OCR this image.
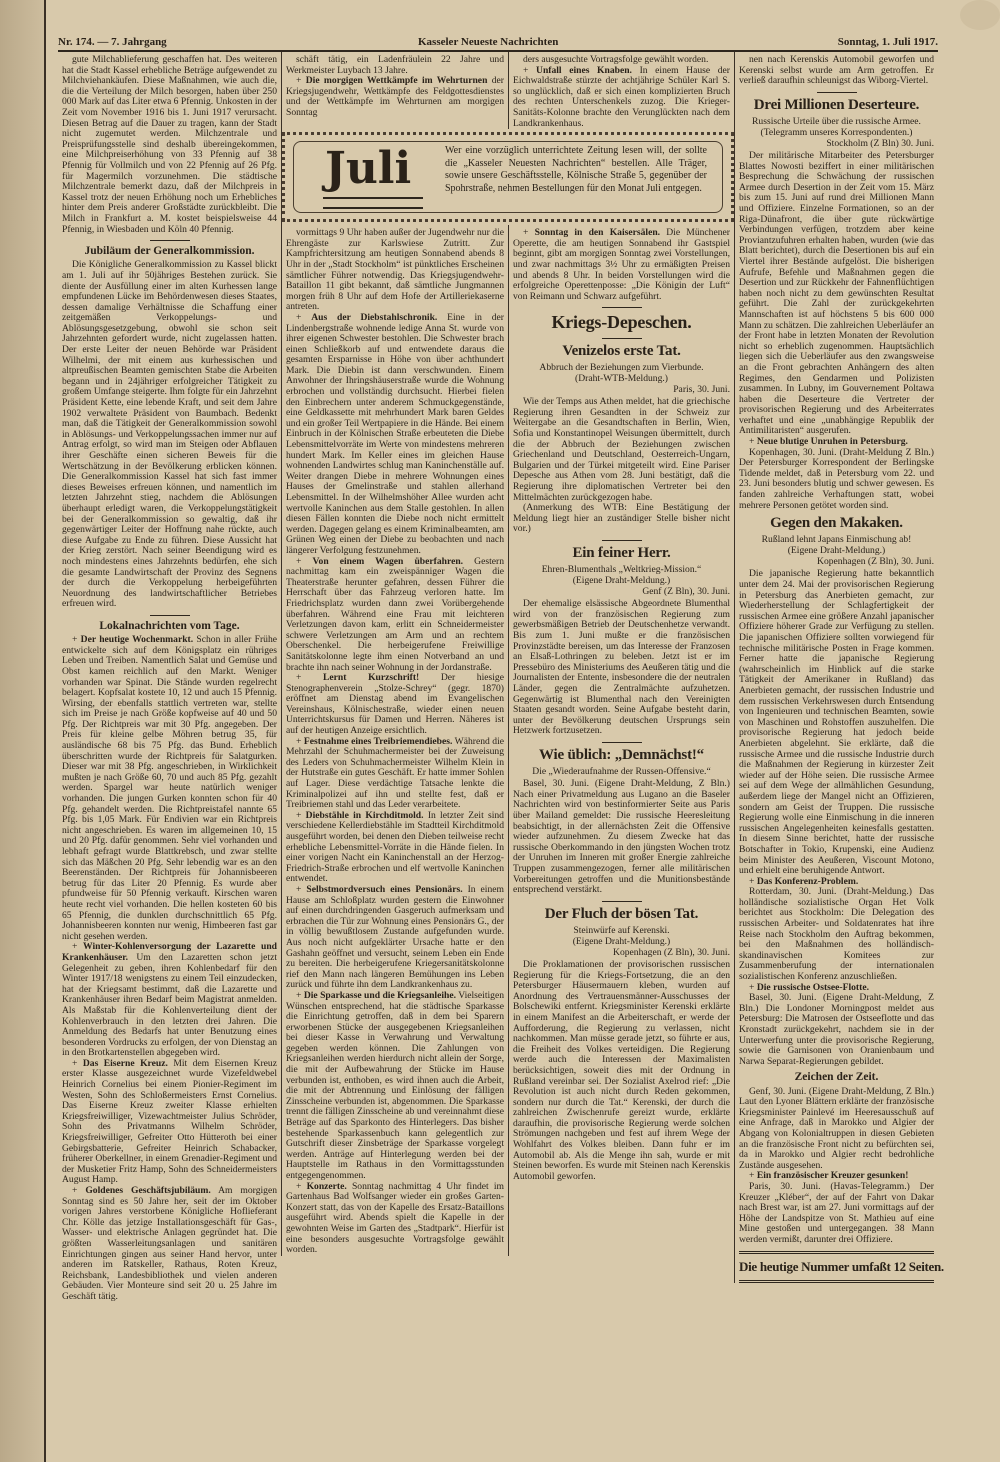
Nr. 174. — 7. Jahrgang	Kasseler Neueste Nachrichten	Sonntag, 1. Juli 1917.

gute Milchablieferung geschaffen hat. Des weiteren hat die Stadt Kassel erhebliche Beträge aufgewendet zu Milchviehankäufen. Diese Maßnahmen, wie auch die, die die Verteilung der Milch besorgen, haben über 250 000 Mark auf das Liter etwa 6 Pfennig. Unkosten in der Zeit vom November 1916 bis 1. Juni 1917 verursacht. Diesen Betrag auf die Dauer zu tragen, kann der Stadt nicht zugemutet werden. Milchzentrale und Preisprüfungsstelle sind deshalb übereingekommen, eine Milchpreiserhöhung von 33 Pfennig auf 38 Pfennig für Vollmilch und von 22 Pfennig auf 26 Pfg. für Magermilch vorzunehmen. Die städtische Milchzentrale bemerkt dazu, daß der Milchpreis in Kassel trotz der neuen Erhöhung noch um Erhebliches hinter dem Preis anderer Großstädte zurückbleibt. Die Milch in Frankfurt a. M. kostet beispielsweise 44 Pfennig, in Wiesbaden und Köln 40 Pfennig.

Jubiläum der Generalkommission.

Die Königliche Generalkommission zu Kassel blickt am 1. Juli auf ihr 50jähriges Bestehen zurück. Sie diente der Ausfüllung einer im alten Kurhessen lange empfundenen Lücke im Behördenwesen dieses Staates, dessen damalige Verhältnisse die Schaffung einer zeitgemäßen Verkoppelungs- und Ablösungsgesetzgebung, obwohl sie schon seit Jahrzehnten gefordert wurde, nicht zugelassen hatten. Der erste Leiter der neuen Behörde war Präsident Wilhelmi, der mit einem aus kurhessischen und altpreußischen Beamten gemischten Stabe die Arbeiten begann und in 24jähriger erfolgreicher Tätigkeit zu großem Umfange steigerte. Ihm folgte für ein Jahrzehnt Präsident Kette, eine lebende Kraft, und seit dem Jahre 1902 verwaltete Präsident von Baumbach. Bedenkt man, daß die Tätigkeit der Generalkommission sowohl in Ablösungs- und Verkoppelungssachen immer nur auf Antrag erfolgt, so wird man im Steigen oder Abflauen ihrer Geschäfte einen sicheren Beweis für die Wertschätzung in der Bevölkerung erblicken können. Die Generalkommission Kassel hat sich fast immer dieses Beweises erfreuen können, und namentlich im letzten Jahrzehnt stieg, nachdem die Ablösungen überhaupt erledigt waren, die Verkoppelungstätigkeit bei der Generalkommission so gewaltig, daß ihr gegenwärtiger Leiter der Hoffnung nahe rückte, auch diese Aufgabe zu Ende zu führen. Diese Aussicht hat der Krieg zerstört. Nach seiner Beendigung wird es noch mindestens eines Jahrzehnts bedürfen, ehe sich die gesamte Landwirtschaft der Provinz des Segnens der durch die Verkoppelung herbeigeführten Neuordnung des landwirtschaftlicher Betriebes erfreuen wird.

Lokalnachrichten vom Tage.

+ Der heutige Wochenmarkt. Schon in aller Frühe entwickelte sich auf dem Königsplatz ein rühriges Leben und Treiben. Namentlich Salat und Gemüse und Obst kamen reichlich auf den Markt. Weniger vorhanden war Spinat. Die Stände wurden regelrecht belagert. Kopfsalat kostete 10, 12 und auch 15 Pfennig. Wirsing, der ebenfalls stattlich vertreten war, stellte sich im Preise je nach Größe kopfweise auf 40 und 50 Pfg. Der Richtpreis war mit 30 Pfg. angegeben. Der Preis für kleine gelbe Möhren betrug 35, für ausländische 68 bis 75 Pfg. das Bund. Erheblich überschritten wurde der Richtpreis für Salatgurken. Dieser war mit 38 Pfg. angeschrieben, in Wirklichkeit mußten je nach Größe 60, 70 und auch 85 Pfg. gezahlt werden. Spargel war heute natürlich weniger vorhanden. Die jungen Gurken konnten schon für 40 Pfg. gehandelt werden. Die Richtpreistafel nannte 65 Pfg. bis 1,05 Mark. Für Endivien war ein Richtpreis nicht angeschrieben. Es waren im allgemeinen 10, 15 und 20 Pfg. dafür genommen. Sehr viel vorhanden und lebhaft gefragt wurde Blattkrebsch, und zwar stellte sich das Mäßchen 20 Pfg. Sehr lebendig war es an den Beerenständen. Der Richtpreis für Johannisbeeren betrug für das Liter 20 Pfennig. Es wurde aber pfundweise für 50 Pfennig verkauft. Kirschen waren heute recht viel vorhanden. Die hellen kosteten 60 bis 65 Pfennig, die dunklen durchschnittlich 65 Pfg. Johannisbeeren konnten nur wenig, Himbeeren fast gar nicht gesehen werden.

+ Winter-Kohlenversorgung der Lazarette und Krankenhäuser. Um den Lazaretten schon jetzt Gelegenheit zu geben, ihren Kohlenbedarf für den Winter 1917/18 wenigstens zu einem Teil einzudecken, hat der Kriegsamt bestimmt, daß die Lazarette und Krankenhäuser ihren Bedarf beim Magistrat anmelden. Als Maßstab für die Kohlenverteilung dient der Kohlenverbrauch in den letzten drei Jahren. Die Anmeldung des Bedarfs hat unter Benutzung eines besonderen Vordrucks zu erfolgen, der von Dienstag an in den Brotkartenstellen abgegeben wird.

+ Das Eiserne Kreuz. Mit dem Eisernen Kreuz erster Klasse ausgezeichnet wurde Vizefeldwebel Heinrich Cornelius bei einem Pionier-Regiment im Westen, Sohn des Schloßermeisters Ernst Cornelius. Das Eiserne Kreuz zweiter Klasse erhielten Kriegsfreiwilliger, Vizewachtmeister Julius Schröder, Sohn des Privatmanns Wilhelm Schröder, Kriegsfreiwilliger, Gefreiter Otto Hütteroth bei einer Gebirgsbatterie, Gefreiter Heinrich Schabacker, früherer Oberkellner, in einem Grenadier-Regiment und der Musketier Fritz Hamp, Sohn des Schneidermeisters August Hamp.

+ Goldenes Geschäftsjubiläum. Am morgigen Sonntag sind es 50 Jahre her, seit der im Oktober vorigen Jahres verstorbene Königliche Hoflieferant Chr. Kölle das jetzige Installationsgeschäft für Gas-, Wasser- und elektrische Anlagen gegründet hat. Die größten Wasserleitungsanlagen und sanitären Einrichtungen gingen aus seiner Hand hervor, unter anderen im Ratskeller, Rathaus, Roten Kreuz, Reichsbank, Landesbibliothek und vielen anderen Gebäuden. Vier Monteure sind seit 20 u. 25 Jahre im Geschäft tätig.

schäft tätig, ein Ladenfräulein 22 Jahre und Werkmeister Luybach 13 Jahre.

+ Die morgigen Wettkämpfe im Wehrturnen der Kriegsjugendwehr, Wettkämpfe des Feldgottesdienstes und der Wettkämpfe im Wehrturnen am morgigen Sonntag

ders ausgesuchte Vortragsfolge gewählt worden.

+ Unfall eines Knaben. In einem Hause der Eichwaldstraße stürzte der achtjährige Schüler Karl S. so unglücklich, daß er sich einen komplizierten Bruch des rechten Unterschenkels zuzog. Die Krieger-Sanitäts-Kolonne brachte den Verunglückten nach dem Landkrankenhaus.

Juli	Wer eine vorzüglich unterrichtete Zeitung lesen will, der sollte die „Kasseler Neuesten Nachrichten“ bestellen. Alle Träger, sowie unsere Geschäftsstelle, Kölnische Straße 5, gegenüber der Spohrstraße, nehmen Bestellungen für den Monat Juli entgegen.

vormittags 9 Uhr haben außer der Jugendwehr nur die Ehrengäste zur Karlswiese Zutritt. Zur Kampfrichtersitzung am heutigen Sonnabend abends 8 Uhr in der „Stadt Stockholm“ ist pünktliches Erscheinen sämtlicher Führer notwendig. Das Kriegsjugendwehr-Bataillon 11 gibt bekannt, daß sämtliche Jungmannen morgen früh 8 Uhr auf dem Hofe der Artilleriekaserne antreten.

+ Aus der Diebstahlschronik. Eine in der Lindenbergstraße wohnende ledige Anna St. wurde von ihrer eigenen Schwester bestohlen. Die Schwester brach einen Schließkorb auf und entwendete daraus die gesamten Ersparnisse in Höhe von über achthundert Mark. Die Diebin ist dann verschwunden. Einem Anwohner der Ihringshäuserstraße wurde die Wohnung erbrochen und vollständig durchsucht. Hierbei fielen den Einbrechern unter anderem Schmuckgegenstände, eine Geldkassette mit mehrhundert Mark baren Geldes und ein großer Teil Wertpapiere in die Hände. Bei einem Einbruch in der Kölnischen Straße erbeuteten die Diebe Lebensmittelvorräte im Werte von mindestens mehreren hundert Mark. Im Keller eines im gleichen Hause wohnenden Landwirtes schlug man Kaninchenställe auf. Weiter drangen Diebe in mehrere Wohnungen eines Hauses der Gmelinstraße und stahlen allerhand Lebensmittel. In der Wilhelmshöher Allee wurden acht wertvolle Kaninchen aus dem Stalle gestohlen. In allen diesen Fällen konnten die Diebe noch nicht ermittelt werden. Dagegen gelang es einem Kriminalbeamten, am Grünen Weg einen der Diebe zu beobachten und nach längerer Verfolgung festzunehmen.

+ Von einem Wagen überfahren. Gestern nachmittag kam ein zweispänniger Wagen die Theaterstraße herunter gefahren, dessen Führer die Herrschaft über das Fahrzeug verloren hatte. Im Friedrichsplatz wurden dann zwei Vorübergehende überfahren. Während eine Frau mit leichteren Verletzungen davon kam, erlitt ein Schneidermeister schwere Verletzungen am Arm und an rechtem Oberschenkel. Die herbeigerufene Freiwillige Sanitätskolonne legte ihm einen Notverband an und brachte ihn nach seiner Wohnung in der Jordanstraße.

+ Lernt Kurzschrift! Der hiesige Stenographenverein „Stolze-Schrey“ (gegr. 1870) eröffnet am Dienstag abend im Evangelischen Vereinshaus, Kölnischestraße, wieder einen neuen Unterrichtskursus für Damen und Herren. Näheres ist auf der heutigen Anzeige ersichtlich.

+ Festnahme eines Treibriemendiebes. Während die Mehrzahl der Schuhmachermeister bei der Zuweisung des Leders von Schuhmachermeister Wilhelm Klein in der Hutstraße ein gutes Geschäft. Er hatte immer Sohlen auf Lager. Diese verdächtige Tatsache lenkte die Kriminalpolizei auf ihn und stellte fest, daß er Treibriemen stahl und das Leder verarbeitete.

+ Diebstähle in Kirchditmold. In letzter Zeit sind verschiedene Kellerdiebstähle im Stadtteil Kirchditmold ausgeführt worden, bei denen den Dieben teilweise recht erhebliche Lebensmittel-Vorräte in die Hände fielen. In einer vorigen Nacht ein Kaninchenstall an der Herzog-Friedrich-Straße erbrochen und elf wertvolle Kaninchen entwendet.

+ Selbstmordversuch eines Pensionärs. In einem Hause am Schloßplatz wurden gestern die Einwohner auf einen durchdringenden Gasgeruch aufmerksam und erbrachen die Tür zur Wohnung eines Pensionärs G., der in völlig bewußtlosem Zustande aufgefunden wurde. Aus noch nicht aufgeklärter Ursache hatte er den Gashahn geöffnet und versucht, seinem Leben ein Ende zu bereiten. Die herbeigerufene Kriegersanitätskolonne rief den Mann nach längeren Bemühungen ins Leben zurück und führte ihn dem Landkrankenhaus zu.

+ Die Sparkasse und die Kriegsanleihe. Vielseitigen Wünschen entsprechend, hat die städtische Sparkasse die Einrichtung getroffen, daß in dem bei Sparern erworbenen Stücke der ausgegebenen Kriegsanleihen bei dieser Kasse in Verwahrung und Verwaltung gegeben werden können. Die Zahlungen von Kriegsanleihen werden hierdurch nicht allein der Sorge, die mit der Aufbewahrung der Stücke im Hause verbunden ist, enthoben, es wird ihnen auch die Arbeit, die mit der Abtrennung und Einlösung der fälligen Zinsscheine verbunden ist, abgenommen. Die Sparkasse trennt die fälligen Zinsscheine ab und vereinnahmt diese Beträge auf das Sparkonto des Hinterlegers. Das bisher bestehende Sparkassenbuch kann gelegentlich zur Gutschrift dieser Zinsbeträge der Sparkasse vorgelegt werden. Anträge auf Hinterlegung werden bei der Hauptstelle im Rathaus in den Vormittagsstunden entgegengenommen.

+ Konzerte. Sonntag nachmittag 4 Uhr findet im Gartenhaus Bad Wolfsanger wieder ein großes Garten-Konzert statt, das von der Kapelle des Ersatz-Bataillons ausgeführt wird. Abends spielt die Kapelle in der gewohnten Weise im Garten des „Stadtpark“. Hierfür ist eine besonders ausgesuchte Vortragsfolge gewählt worden.

+ Sonntag in den Kaisersälen. Die Münchener Operette, die am heutigen Sonnabend ihr Gastspiel beginnt, gibt am morgigen Sonntag zwei Vorstellungen, und zwar nachmittags 3½ Uhr zu ermäßigten Preisen und abends 8 Uhr. In beiden Vorstellungen wird die erfolgreiche Operettenposse: „Die Königin der Luft“ von Reimann und Schwarz aufgeführt.

Kriegs-Depeschen.
Venizelos erste Tat.
Abbruch der Beziehungen zum Vierbunde.
(Draht-WTB-Meldung.)
Paris, 30. Juni.

Wie der Temps aus Athen meldet, hat die griechische Regierung ihren Gesandten in der Schweiz zur Weitergabe an die Gesandtschaften in Berlin, Wien, Sofia und Konstantinopel Weisungen übermittelt, durch die der Abbruch der Beziehungen zwischen Griechenland und Deutschland, Oesterreich-Ungarn, Bulgarien und der Türkei mitgeteilt wird. Eine Pariser Depesche aus Athen vom 28. Juni bestätigt, daß die Regierung ihre diplomatischen Vertreter bei den Mittelmächten zurückgezogen habe.

(Anmerkung des WTB: Eine Bestätigung der Meldung liegt hier an zuständiger Stelle bisher nicht vor.)

Ein feiner Herr.
Ehren-Blumenthals „Weltkrieg-Mission.“
(Eigene Draht-Meldung.)
Genf (Z Bln), 30. Juni.

Der ehemalige elsässische Abgeordnete Blumenthal wird von der französischen Regierung zum gewerbsmäßigen Betrieb der Deutschenhetze verwandt. Bis zum 1. Juni mußte er die französischen Provinzstädte bereisen, um das Interesse der Franzosen an Elsaß-Lothringen zu beleben. Jetzt ist er im Pressebüro des Ministeriums des Aeußeren tätig und die Journalisten der Entente, insbesondere die der neutralen Länder, gegen die Zentralmächte aufzuhetzen. Gegenwärtig ist Blumenthal nach den Vereinigten Staaten gesandt worden. Seine Aufgabe besteht darin, unter der Bevölkerung deutschen Ursprungs sein Hetzwerk fortzusetzen.

Wie üblich: „Demnächst!“
Die „Wiederaufnahme der Russen-Offensive.“

Basel, 30. Juni. (Eigene Draht-Meldung, Z Bln.) Nach einer Privatmeldung aus Lugano an die Baseler Nachrichten wird von bestinformierter Seite aus Paris über Mailand gemeldet: Die russische Heeresleitung beabsichtigt, in der allernächsten Zeit die Offensive wieder aufzunehmen. Zu diesem Zwecke hat das russische Oberkommando in den jüngsten Wochen trotz der Unruhen im Inneren mit großer Energie zahlreiche Truppen zusammengezogen, ferner alle militärischen Vorbereitungen getroffen und die Munitionsbestände entsprechend verstärkt.

Der Fluch der bösen Tat.
Steinwürfe auf Kerenski.
(Eigene Draht-Meldung.)
Kopenhagen (Z Bln), 30. Juni.

Die Proklamationen der provisorischen russischen Regierung für die Kriegs-Fortsetzung, die an den Petersburger Häusermauern kleben, wurden auf Anordnung des Vertrauensmänner-Ausschusses der Bolschewiki entfernt. Kriegsminister Kerenski erklärte in einem Manifest an die Arbeiterschaft, er werde der Aufforderung, die Regierung zu verlassen, nicht nachkommen. Man müsse gerade jetzt, so führte er aus, die Freiheit des Volkes verteidigen. Die Regierung werde auch die Interessen der Maximalisten berücksichtigen, soweit dies mit der Ordnung in Rußland vereinbar sei. Der Sozialist Axelrod rief: „Die Revolution ist auch nicht durch Reden gekommen, sondern nur durch die Tat.“ Kerenski, der durch die zahlreichen Zwischenrufe gereizt wurde, erklärte daraufhin, die provisorische Regierung werde solchen Strömungen nachgeben und fest auf ihrem Wege der Wohlfahrt des Volkes bleiben. Dann fuhr er im Automobil ab. Als die Menge ihn sah, wurde er mit Steinen beworfen. Es wurde mit Steinen nach Kerenskis Automobil geworfen.

nen nach Kerenskis Automobil geworfen und Kerenski selbst wurde am Arm getroffen. Er verließ daraufhin schleunigst das Wiborg-Viertel.

Drei Millionen Deserteure.
Russische Urteile über die russische Armee.
(Telegramm unseres Korrespondenten.)
Stockholm (Z Bln) 30. Juni.

Der militärische Mitarbeiter des Petersburger Blattes Nowosti beziffert in einer militärischen Besprechung die Schwächung der russischen Armee durch Desertion in der Zeit vom 15. März bis zum 15. Juni auf rund drei Millionen Mann und Offiziere. Einzelne Formationen, so an der Riga-Dünafront, die über gute rückwärtige Verbindungen verfügen, trotzdem aber keine Proviantzufuhren erhalten haben, wurden (wie das Blatt berichtet), durch die Desertionen bis auf ein Viertel ihrer Bestände aufgelöst. Die bisherigen Aufrufe, Befehle und Maßnahmen gegen die Desertion und zur Rückkehr der Fahnenflüchtigen haben noch nicht zu dem gewünschten Resultat geführt. Die Zahl der zurückgekehrten Mannschaften ist auf höchstens 5 bis 600 000 Mann zu schätzen. Die zahlreichen Ueberläufer an der Front habe in letzten Monaten der Revolution nicht so erheblich zugenommen. Hauptsächlich liegen sich die Ueberläufer aus den zwangsweise an die Front gebrachten Anhängern des alten Regimes, den Gendarmen und Polizisten zusammen. In Lubny, im Gouvernement Poltawa haben die Deserteure die Vertreter der provisorischen Regierung und des Arbeiterrates verhaftet und eine „unabhängige Republik der Antimilitaristen“ ausgerufen.

+ Neue blutige Unruhen in Petersburg.

Kopenhagen, 30. Juni. (Draht-Meldung Z Bln.) Der Petersburger Korrespondent der Berlingske Tidende meldet, daß in Petersburg vom 22. und 23. Juni besonders blutig und schwer gewesen. Es fanden zahlreiche Verhaftungen statt, wobei mehrere Personen getötet worden sind.

Gegen den Makaken.
Rußland lehnt Japans Einmischung ab!
(Eigene Draht-Meldung.)
Kopenhagen (Z Bln), 30. Juni.

Die japanische Regierung hatte bekanntlich unter dem 24. Mai der provisorischen Regierung in Petersburg das Anerbieten gemacht, zur Wiederherstellung der Schlagfertigkeit der russischen Armee eine größere Anzahl japanischer Offiziere höherer Grade zur Verfügung zu stellen. Die japanischen Offiziere sollten vorwiegend für technische militärische Posten in Frage kommen. Ferner hatte die japanische Regierung (wahrscheinlich im Hinblick auf die starke Tätigkeit der Amerikaner in Rußland) das Anerbieten gemacht, der russischen Industrie und dem russischen Verkehrswesen durch Entsendung von Ingenieuren und technischen Beamten, sowie von Maschinen und Rohstoffen auszuhelfen. Die provisorische Regierung hat jedoch beide Anerbieten abgelehnt. Sie erklärte, daß die russische Armee und die russische Industrie durch die Maßnahmen der Regierung in kürzester Zeit wieder auf der Höhe seien. Die russische Armee sei auf dem Wege der allmählichen Gesundung, außerdem liege der Mangel nicht an Offizieren, sondern am Geist der Truppen. Die russische Regierung wolle eine Einmischung in die inneren russischen Angelegenheiten keinesfalls gestatten. In diesem Sinne berichtet, hatte der russische Botschafter in Tokio, Krupenski, eine Audienz beim Minister des Aeußeren, Viscount Motono, und erhielt eine beruhigende Antwort.

+ Das Konferenz-Problem.

Rotterdam, 30. Juni. (Draht-Meldung.) Das holländische sozialistische Organ Het Volk berichtet aus Stockholm: Die Delegation des russischen Arbeiter- und Soldatenrates hat ihre Reise nach Stockholm den Auftrag bekommen, bei den Maßnahmen des holländisch-skandinavischen Komitees zur Zusammenberufung der internationalen sozialistischen Konferenz anzuschließen.

+ Die russische Ostsee-Flotte.

Basel, 30. Juni. (Eigene Draht-Meldung, Z Bln.) Die Londoner Morningpost meldet aus Petersburg: Die Matrosen der Ostseeflotte und das Kronstadt zurückgekehrt, nachdem sie in der Unterwerfung unter die provisorische Regierung, sowie die Garnisonen von Oranienbaum und Narwa Separat-Regierungen gebildet.

Zeichen der Zeit.

Genf, 30. Juni. (Eigene Draht-Meldung, Z Bln.) Laut den Lyoner Blättern erklärte der französische Kriegsminister Painlevé im Heeresausschuß auf eine Anfrage, daß in Marokko und Algier der Abgang von Kolonialtruppen in diesen Gebieten an die französische Front nicht zu befürchten sei, da in Marokko und Algier recht bedrohliche Zustände ausgesehen.

+ Ein französischer Kreuzer gesunken!

Paris, 30. Juni. (Havas-Telegramm.) Der Kreuzer „Kléber“, der auf der Fahrt von Dakar nach Brest war, ist am 27. Juni vormittags auf der Höhe der Landspitze von St. Mathieu auf eine Mine gestoßen und untergegangen. 38 Mann werden vermißt, darunter drei Offiziere.

Die heutige Nummer umfaßt 12 Seiten.
